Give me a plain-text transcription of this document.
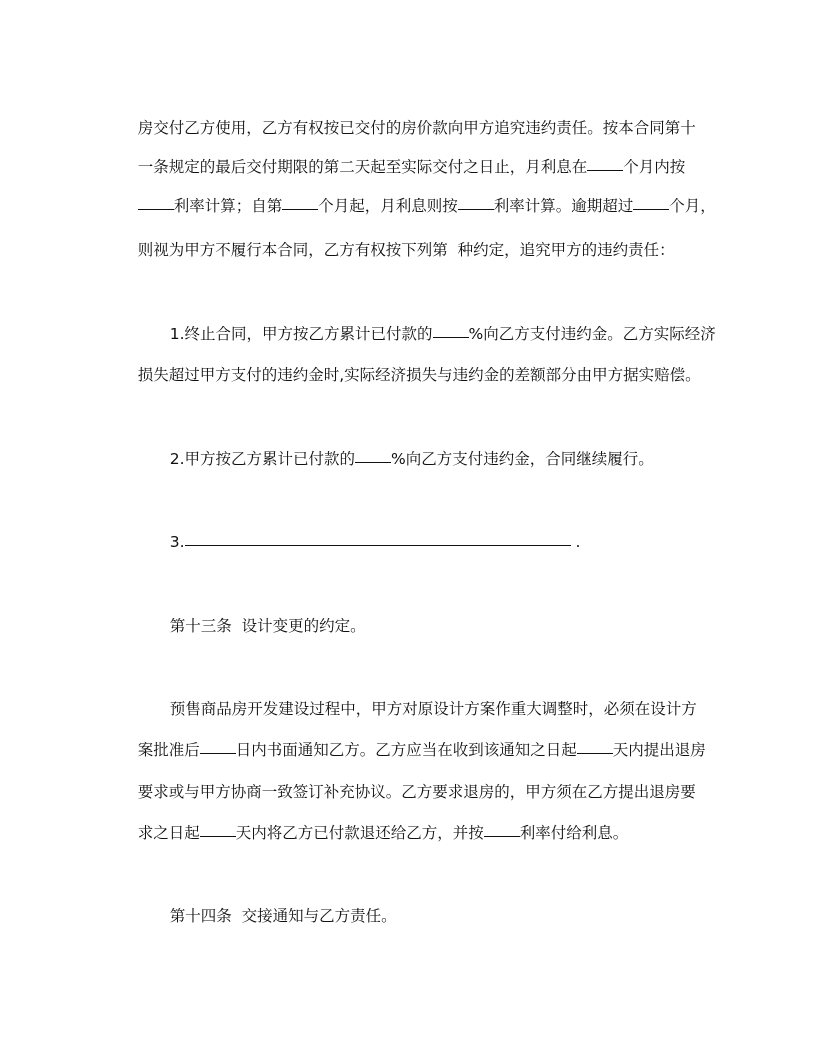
房交付乙方使用，乙方有权按已交付的房价款向甲方追究违约责任。按本合同第十

一条规定的最后交付期限的第二天起至实际交付之日止，月利息在 个月内按

利率计算；自第 个月起，月利息则按 利率计算。逾期超过 个月，

则视为甲方不履行本合同，乙方有权按下列第  种约定，追究甲方的违约责任：

1.终止合同，甲方按乙方累计已付款的 %向乙方支付违约金。乙方实际经济

损失超过甲方支付的违约金时,实际经济损失与违约金的差额部分由甲方据实赔偿。

2.甲方按乙方累计已付款的 %向乙方支付违约金，合同继续履行。

3.	.

第十三条  设计变更的约定。

预售商品房开发建设过程中，甲方对原设计方案作重大调整时，必须在设计方

案批准后 日内书面通知乙方。乙方应当在收到该通知之日起 天内提出退房

要求或与甲方协商一致签订补充协议。乙方要求退房的，甲方须在乙方提出退房要

求之日起 天内将乙方已付款退还给乙方，并按 利率付给利息。

第十四条  交接通知与乙方责任。
